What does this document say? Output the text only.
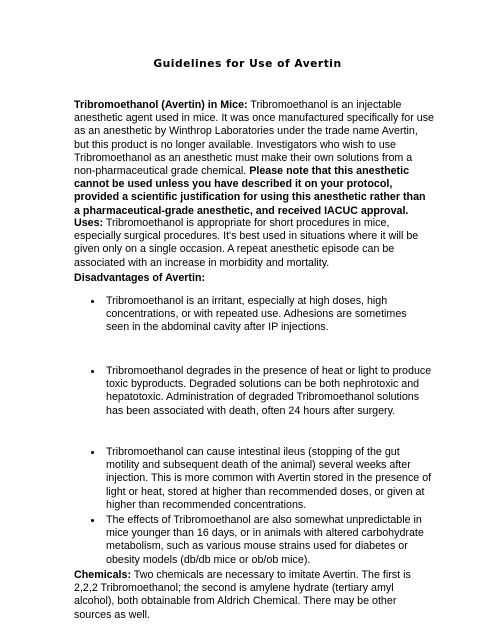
Guidelines for Use of Avertin

Tribromoethanol (Avertin) in Mice: Tribromoethanol is an injectable anesthetic agent used in mice. It was once manufactured specifically for use as an anesthetic by Winthrop Laboratories under the trade name Avertin, but this product is no longer available. Investigators who wish to use Tribromoethanol as an anesthetic must make their own solutions from a non-pharmaceutical grade chemical. Please note that this anesthetic cannot be used unless you have described it on your protocol, provided a scientific justification for using this anesthetic rather than a pharmaceutical-grade anesthetic, and received IACUC approval.

Uses: Tribromoethanol is appropriate for short procedures in mice, especially surgical procedures. It's best used in situations where it will be given only on a single occasion. A repeat anesthetic episode can be associated with an increase in morbidity and mortality.

Disadvantages of Avertin:

Tribromoethanol is an irritant, especially at high doses, high concentrations, or with repeated use. Adhesions are sometimes seen in the abdominal cavity after IP injections.

Tribromoethanol degrades in the presence of heat or light to produce toxic byproducts. Degraded solutions can be both nephrotoxic and hepatotoxic. Administration of degraded Tribromoethanol solutions has been associated with death, often 24 hours after surgery.

Tribromoethanol can cause intestinal ileus (stopping of the gut motility and subsequent death of the animal) several weeks after injection. This is more common with Avertin stored in the presence of light or heat, stored at higher than recommended doses, or given at higher than recommended concentrations.

The effects of Tribromoethanol are also somewhat unpredictable in mice younger than 16 days, or in animals with altered carbohydrate metabolism, such as various mouse strains used for diabetes or obesity models (db/db mice or ob/ob mice).

Chemicals: Two chemicals are necessary to imitate Avertin. The first is 2,2,2 Tribromoethanol; the second is amylene hydrate (tertiary amyl alcohol), both obtainable from Aldrich Chemical. There may be other sources as well.
